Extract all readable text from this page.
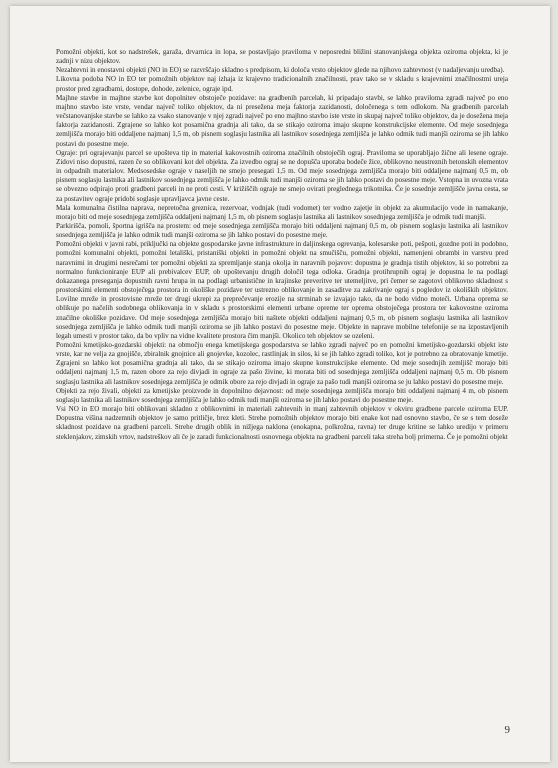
Pomožni objekti, kot so nadstrešek, garaža, drvarnica in lopa, se postavljajo praviloma v neposredni bližini stanovanjskega objekta oziroma objekta, ki je zadnji v nizu objektov.

Nezahtevni in enostavni objekti (NO in EO) se razvrščajo skladno s predpisom, ki določa vrsto objektov glede na njihovo zahtevnost (v nadaljevanju uredba).

Likovna podoba NO in EO ter pomožnih objektov naj izhaja iz krajevno tradicionalnih značilnosti, prav tako se v skladu s krajevnimi značilnostmi ureja prostor pred zgradbami, dostope, dohode, zelenice, ograje ipd.

Majhne stavbe in majhne stavbe kot dopolnitev obstoječe pozidave: na gradbenih parcelah, ki pripadajo stavbi, se lahko praviloma zgradi največ po eno majhno stavbo iste vrste, vendar največ toliko objektov, da ni presežena meja faktorja zazidanosti, določenega s tem odlokom. Na gradbenih parcelah večstanovanjske stavbe se lahko za vsako stanovanje v njej zgradi največ po eno majhno stavbo iste vrste in skupaj največ toliko objektov, da je dosežena meja faktorja zazidanosti. Zgrajene so lahko kot posamična gradnja ali tako, da se stikajo oziroma imajo skupne konstrukcijske elemente. Od meje sosednjega zemljišča morajo biti oddaljene najmanj 1,5 m, ob pisnem soglasju lastnika ali lastnikov sosednjega zemljišča je lahko odmik tudi manjši oziroma se jih lahko postavi do posestne meje.

Ograje: pri ograjevanju parcel se upošteva tip in material kakovostnih oziroma značilnih obstoječih ograj. Praviloma se uporabljajo žične ali lesene ograje. Zidovi niso dopustni, razen če so oblikovani kot del objekta. Za izvedbo ograj se ne dopušča uporaba bodeče žice, oblikovno neustreznih betonskih elementov in odpadnih materialov. Medsosedske ograje v naseljih ne smejo presegati 1,5 m. Od meje sosednjega zemljišča morajo biti oddaljene najmanj 0,5 m, ob pisnem soglasju lastnika ali lastnikov sosednjega zemljišča je lahko odmik tudi manjši oziroma se jih lahko postavi do posestne meje. Vstopna in uvozna vrata se obvezno odpirajo proti gradbeni parceli in ne proti cesti. V križiščih ograje ne smejo ovirati preglednega trikotnika. Če je sosednje zemljišče javna cesta, se za postavitev ograje pridobi soglasje upravljavca javne ceste.

Mala komunalna čistilna naprava, nepretočna greznica, rezervoar, vodnjak (tudi vodomet) ter vodno zajetje in objekt za akumulacijo vode in namakanje, morajo biti od meje sosednjega zemljišča oddaljeni najmanj 1,5 m, ob pisnem soglasju lastnika ali lastnikov sosednjega zemljišča je odmik tudi manjši.

Parkirišča, pomoli, športna igrišča na prostem: od meje sosednjega zemljišča morajo biti oddaljeni najmanj 0,5 m, ob pisnem soglasju lastnika ali lastnikov sosednjega zemljišča je lahko odmik tudi manjši oziroma se jih lahko postavi do posestne meje.

Pomožni objekti v javni rabi, priključki na objekte gospodarske javne infrastrukture in daljinskega ogrevanja, kolesarske poti, pešpoti, gozdne poti in podobno, pomožni komunalni objekti, pomožni letališki, pristaniški objekti in pomožni objekt na smučišču, pomožni objekti, namenjeni obrambi in varstvu pred naravnimi in drugimi nesrečami ter pomožni objekti za spremljanje stanja okolja in naravnih pojavov: dopustna je gradnja tistih objektov, ki so potrebni za normalno funkcioniranje EUP ali prebivalcev EUP, ob upoštevanju drugih določil tega odloka. Gradnja protihrupnih ograj je dopustna le na podlagi dokazanega preseganja dopustnih ravni hrupa in na podlagi urbanistične in krajinske preveritve ter utemeljitve, pri čemer se zagotovi oblikovno skladnost s prostorskimi elementi obstoječega prostora in okoliške pozidave ter ustrezno oblikovanje in zasaditve za zakrivanje ograj s pogledov iz okoliških objektov. Lovilne mreže in prostovisne mreže ter drugi ukrepi za preprečevanje erozije na strminah se izvajajo tako, da ne bodo vidno moteči. Urbana oprema se oblikuje po načelih sodobnega oblikovanja in v skladu s prostorskimi elementi urbane opreme ter oprema obstoječega prostora ter kakovostne oziroma značilne okoliške pozidave. Od meje sosednjega zemljišča morajo biti naštete objekti oddaljeni najmanj 0,5 m, ob pisnem soglasju lastnika ali lastnikov sosednjega zemljišča je lahko odmik tudi manjši oziroma se jih lahko postavi do posestne meje. Objekte in naprave mobilne telefonije se na izpostavljenih legah umesti v prostor tako, da bo vpliv na vidne kvalitete prostora čim manjši. Okolico teh objektov se ozeleni.

Pomožni kmetijsko-gozdarski objekti: na območju enega kmetijskega gospodarstva se lahko zgradi največ po en pomožni kmetijsko-gozdarski objekt iste vrste, kar ne velja za gnojišče, zbiralnik gnojnice ali gnojevke, kozolec, rastlinjak in silos, ki se jih lahko zgradi toliko, kot je potrebno za obratovanje kmetije. Zgrajeni so lahko kot posamična gradnja ali tako, da se stikajo oziroma imajo skupne konstrukcijske elemente. Od meje sosednjih zemljišč morajo biti oddaljeni najmanj 1,5 m, razen obore za rejo divjadi in ograje za pašo živine, ki morata biti od sosednjega zemljišča oddaljeni najmanj 0,5 m. Ob pisnem soglasju lastnika ali lastnikov sosednjega zemljišča je odmik obore za rejo divjadi in ograje za pašo tudi manjši oziroma se ju lahko postavi do posestne meje.

Objekti za rejo živali, objekti za kmetijske proizvode in dopolnilno dejavnost: od meje sosednjega zemljišča morajo biti oddaljeni najmanj 4 m, ob pisnem soglasju lastnika ali lastnikov sosednjega zemljišča je lahko odmik tudi manjši oziroma se jih lahko postavi do posestne meje.

Vsi NO in EO morajo biti oblikovani skladno z oblikovnimi in materiali zahtevnih in manj zahtevnih objektov v okviru gradbene parcele oziroma EUP. Dopustna višina nadzemnih objektov je samo pritličje, brez kleti. Strehe pomožnih objektov morajo biti enake kot nad osnovno stavbo, če se s tem doseže skladnost pozidave na gradbeni parceli. Strehe drugih oblik in nižjega naklona (enokapna, polkrožna, ravna) ter druge kritine se lahko uredijo v primeru steklenjakov, zimskih vrtov, nadstreškov ali če je zaradi funkcionalnosti osnovnega objekta na gradbeni parceli taka streha bolj primerna. Če je pomožni objekt

9
